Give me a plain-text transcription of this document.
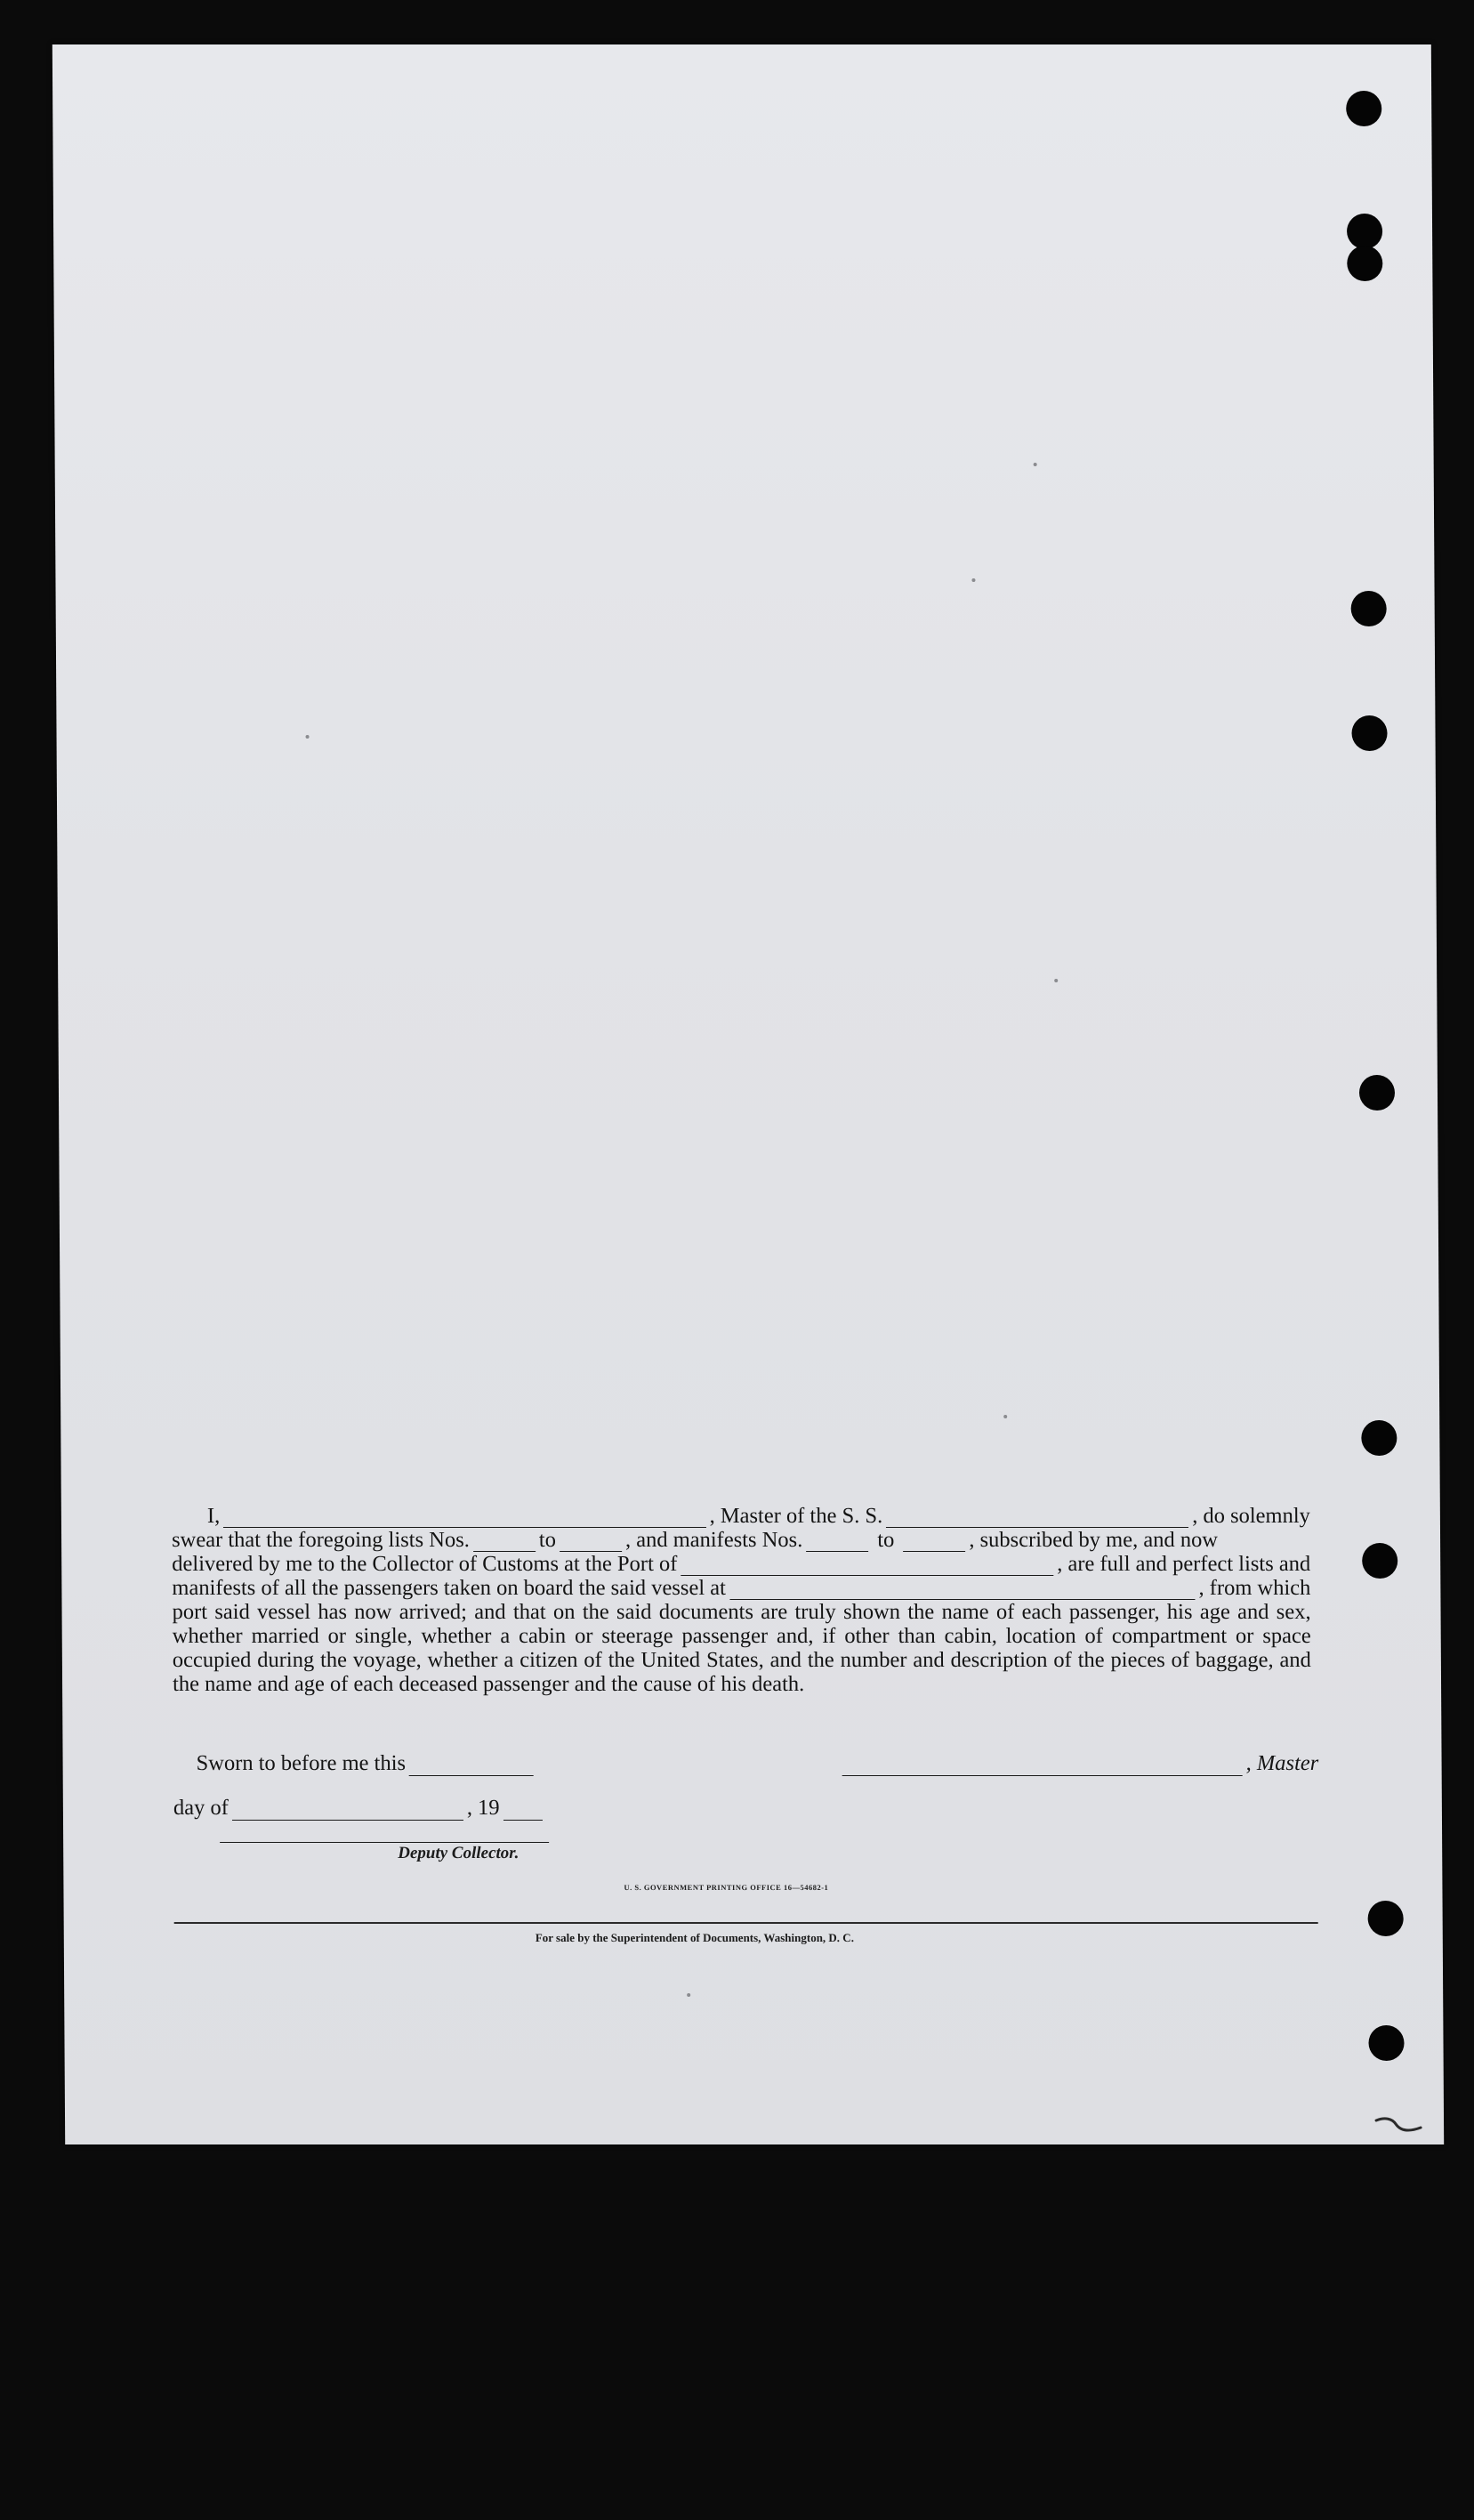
I,	, Master of the S. S.	, do solemnly
swear that the foregoing lists Nos.	to	, and manifests Nos.	to	, subscribed by me, and now
delivered by me to the Collector of Customs at the Port of	, are full and perfect lists and
manifests of all the passengers taken on board the said vessel at	, from which

port said vessel has now arrived; and that on the said documents are truly shown the name of each passenger, his age and sex, whether married or single, whether a cabin or steerage passenger and, if other than cabin, location of compartment or space occupied during the voyage, whether a citizen of the United States, and the number and description of the pieces of baggage, and the name and age of each deceased passenger and the cause of his death.

Sworn to before me this	, Master
day of	, 19
Deputy Collector.
U. S. GOVERNMENT PRINTING OFFICE 16—54682-1
For sale by the Superintendent of Documents, Washington, D. C.
